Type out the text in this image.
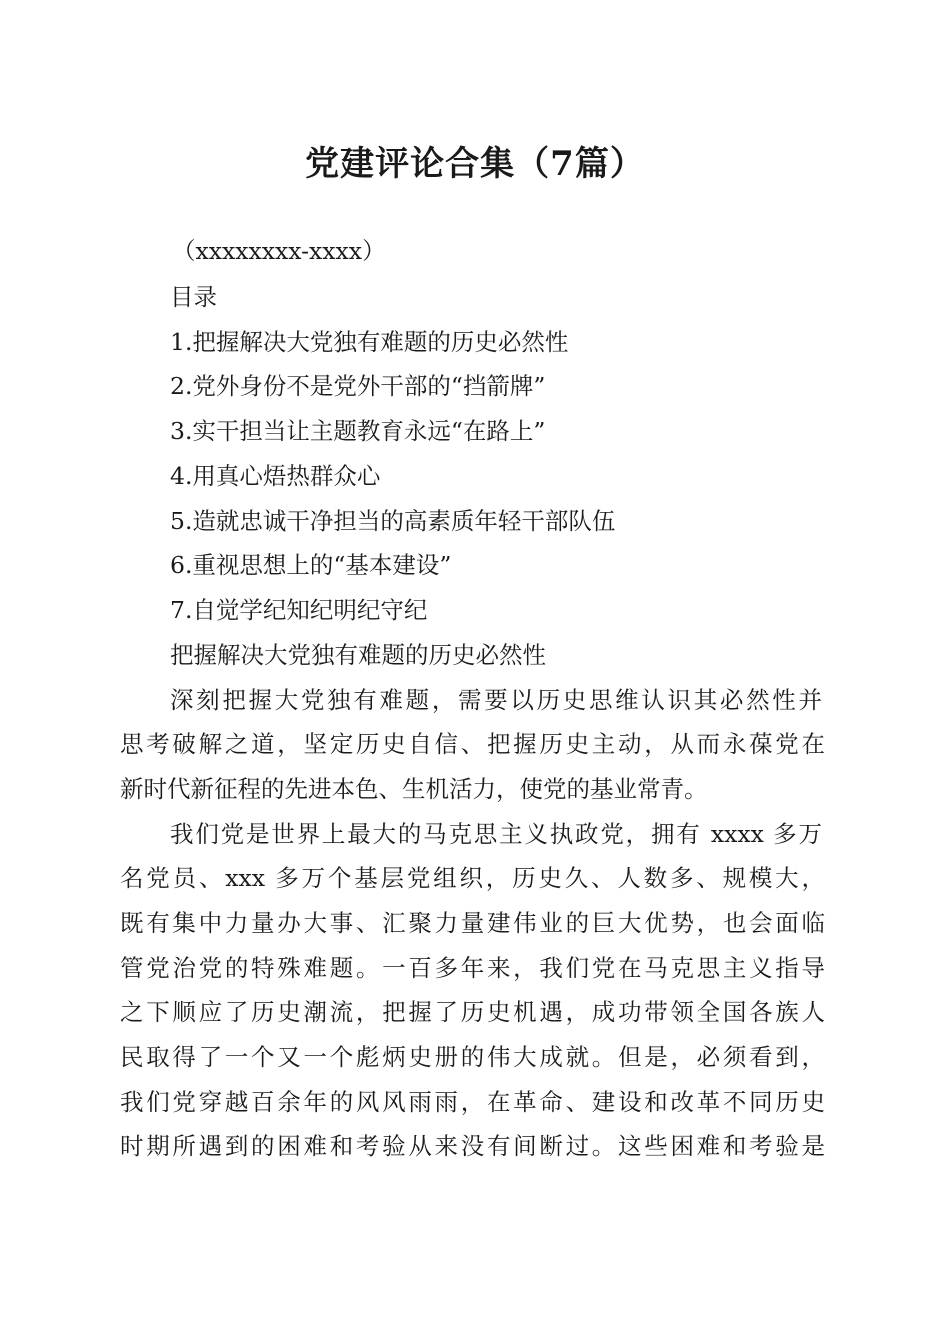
党建评论合集（7篇）
（xxxxxxxx-xxxx）
目录
1.把握解决大党独有难题的历史必然性
2.党外身份不是党外干部的“挡箭牌”
3.实干担当让主题教育永远“在路上”
4.用真心焐热群众心
5.造就忠诚干净担当的高素质年轻干部队伍
6.重视思想上的“基本建设”
7.自觉学纪知纪明纪守纪
把握解决大党独有难题的历史必然性
深刻把握大党独有难题，需要以历史思维认识其必然性并
思考破解之道，坚定历史自信、把握历史主动，从而永葆党在
新时代新征程的先进本色、生机活力，使党的基业常青。
我们党是世界上最大的马克思主义执政党，拥有 xxxx 多万
名党员、xxx 多万个基层党组织，历史久、人数多、规模大，
既有集中力量办大事、汇聚力量建伟业的巨大优势，也会面临
管党治党的特殊难题。一百多年来，我们党在马克思主义指导
之下顺应了历史潮流，把握了历史机遇，成功带领全国各族人
民取得了一个又一个彪炳史册的伟大成就。但是，必须看到，
我们党穿越百余年的风风雨雨，在革命、建设和改革不同历史
时期所遇到的困难和考验从来没有间断过。这些困难和考验是
